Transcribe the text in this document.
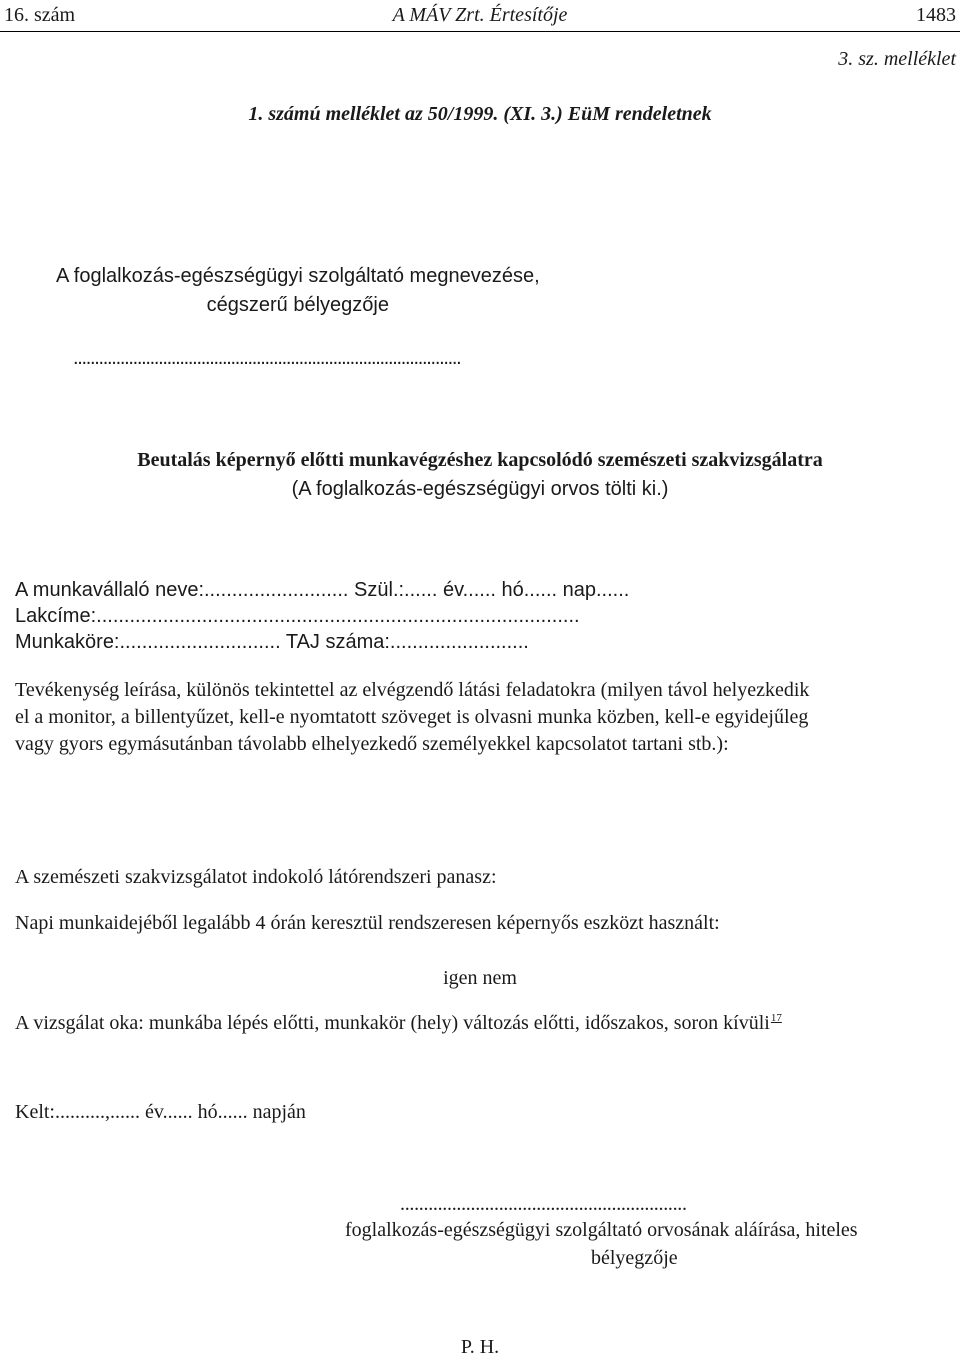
16. szám	A MÁV Zrt. Értesítője	1483
3. sz. melléklet
1. számú melléklet az 50/1999. (XI. 3.) EüM rendeletnek
A foglalkozás-egészségügyi szolgáltató megnevezése,
cégszerű bélyegzője
...........................................................................................
Beutalás képernyő előtti munkavégzéshez kapcsolódó szemészeti szakvizsgálatra
(A foglalkozás-egészségügyi orvos tölti ki.)
A munkavállaló neve:.......................... Szül.:...... év...... hó...... nap......
Lakcíme:.......................................................................................
Munkaköre:............................. TAJ száma:.........................
Tevékenység leírása, különös tekintettel az elvégzendő látási feladatokra (milyen távol helyezkedik
el a monitor, a billentyűzet, kell-e nyomtatott szöveget is olvasni munka közben, kell-e egyidejűleg
vagy gyors egymásutánban távolabb elhelyezkedő személyekkel kapcsolatot tartani stb.):
A szemészeti szakvizsgálatot indokoló látórendszeri panasz:
Napi munkaidejéből legalább 4 órán keresztül rendszeresen képernyős eszközt használt:
igen nem
A vizsgálat oka: munkába lépés előtti, munkakör (hely) változás előtti, időszakos, soron kívüli$^{17}$
Kelt:..........,...... év...... hó...... napján
.............................................................
foglalkozás-egészségügyi szolgáltató orvosának aláírása, hiteles
bélyegzője
P. H.
